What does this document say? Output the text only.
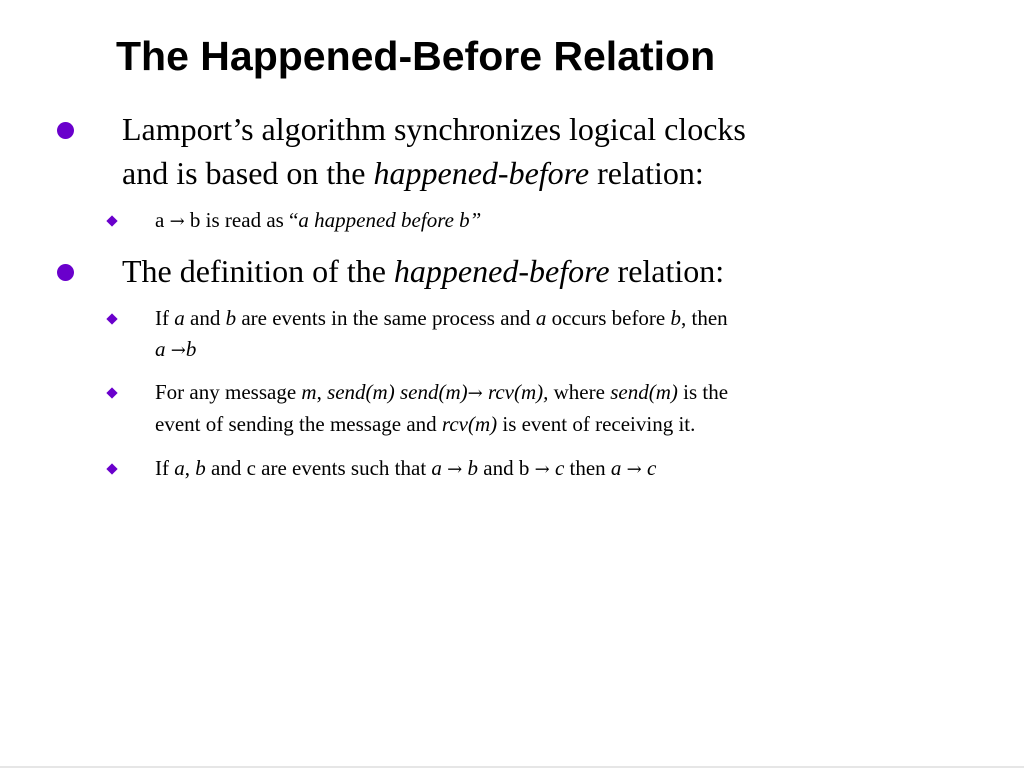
The Happened-Before Relation
Lamport’s algorithm synchronizes logical clocks
and is based on the happened-before relation:
a → b is read as “a happened before b”
The definition of the happened-before relation:
If a and b are events in the same process and a occurs before b, then
a →b
For any message m, send(m) send(m)→ rcv(m), where send(m) is the
event of sending the message and rcv(m) is event of receiving it.
If a, b and c are events such that a → b and b → c then a → c
